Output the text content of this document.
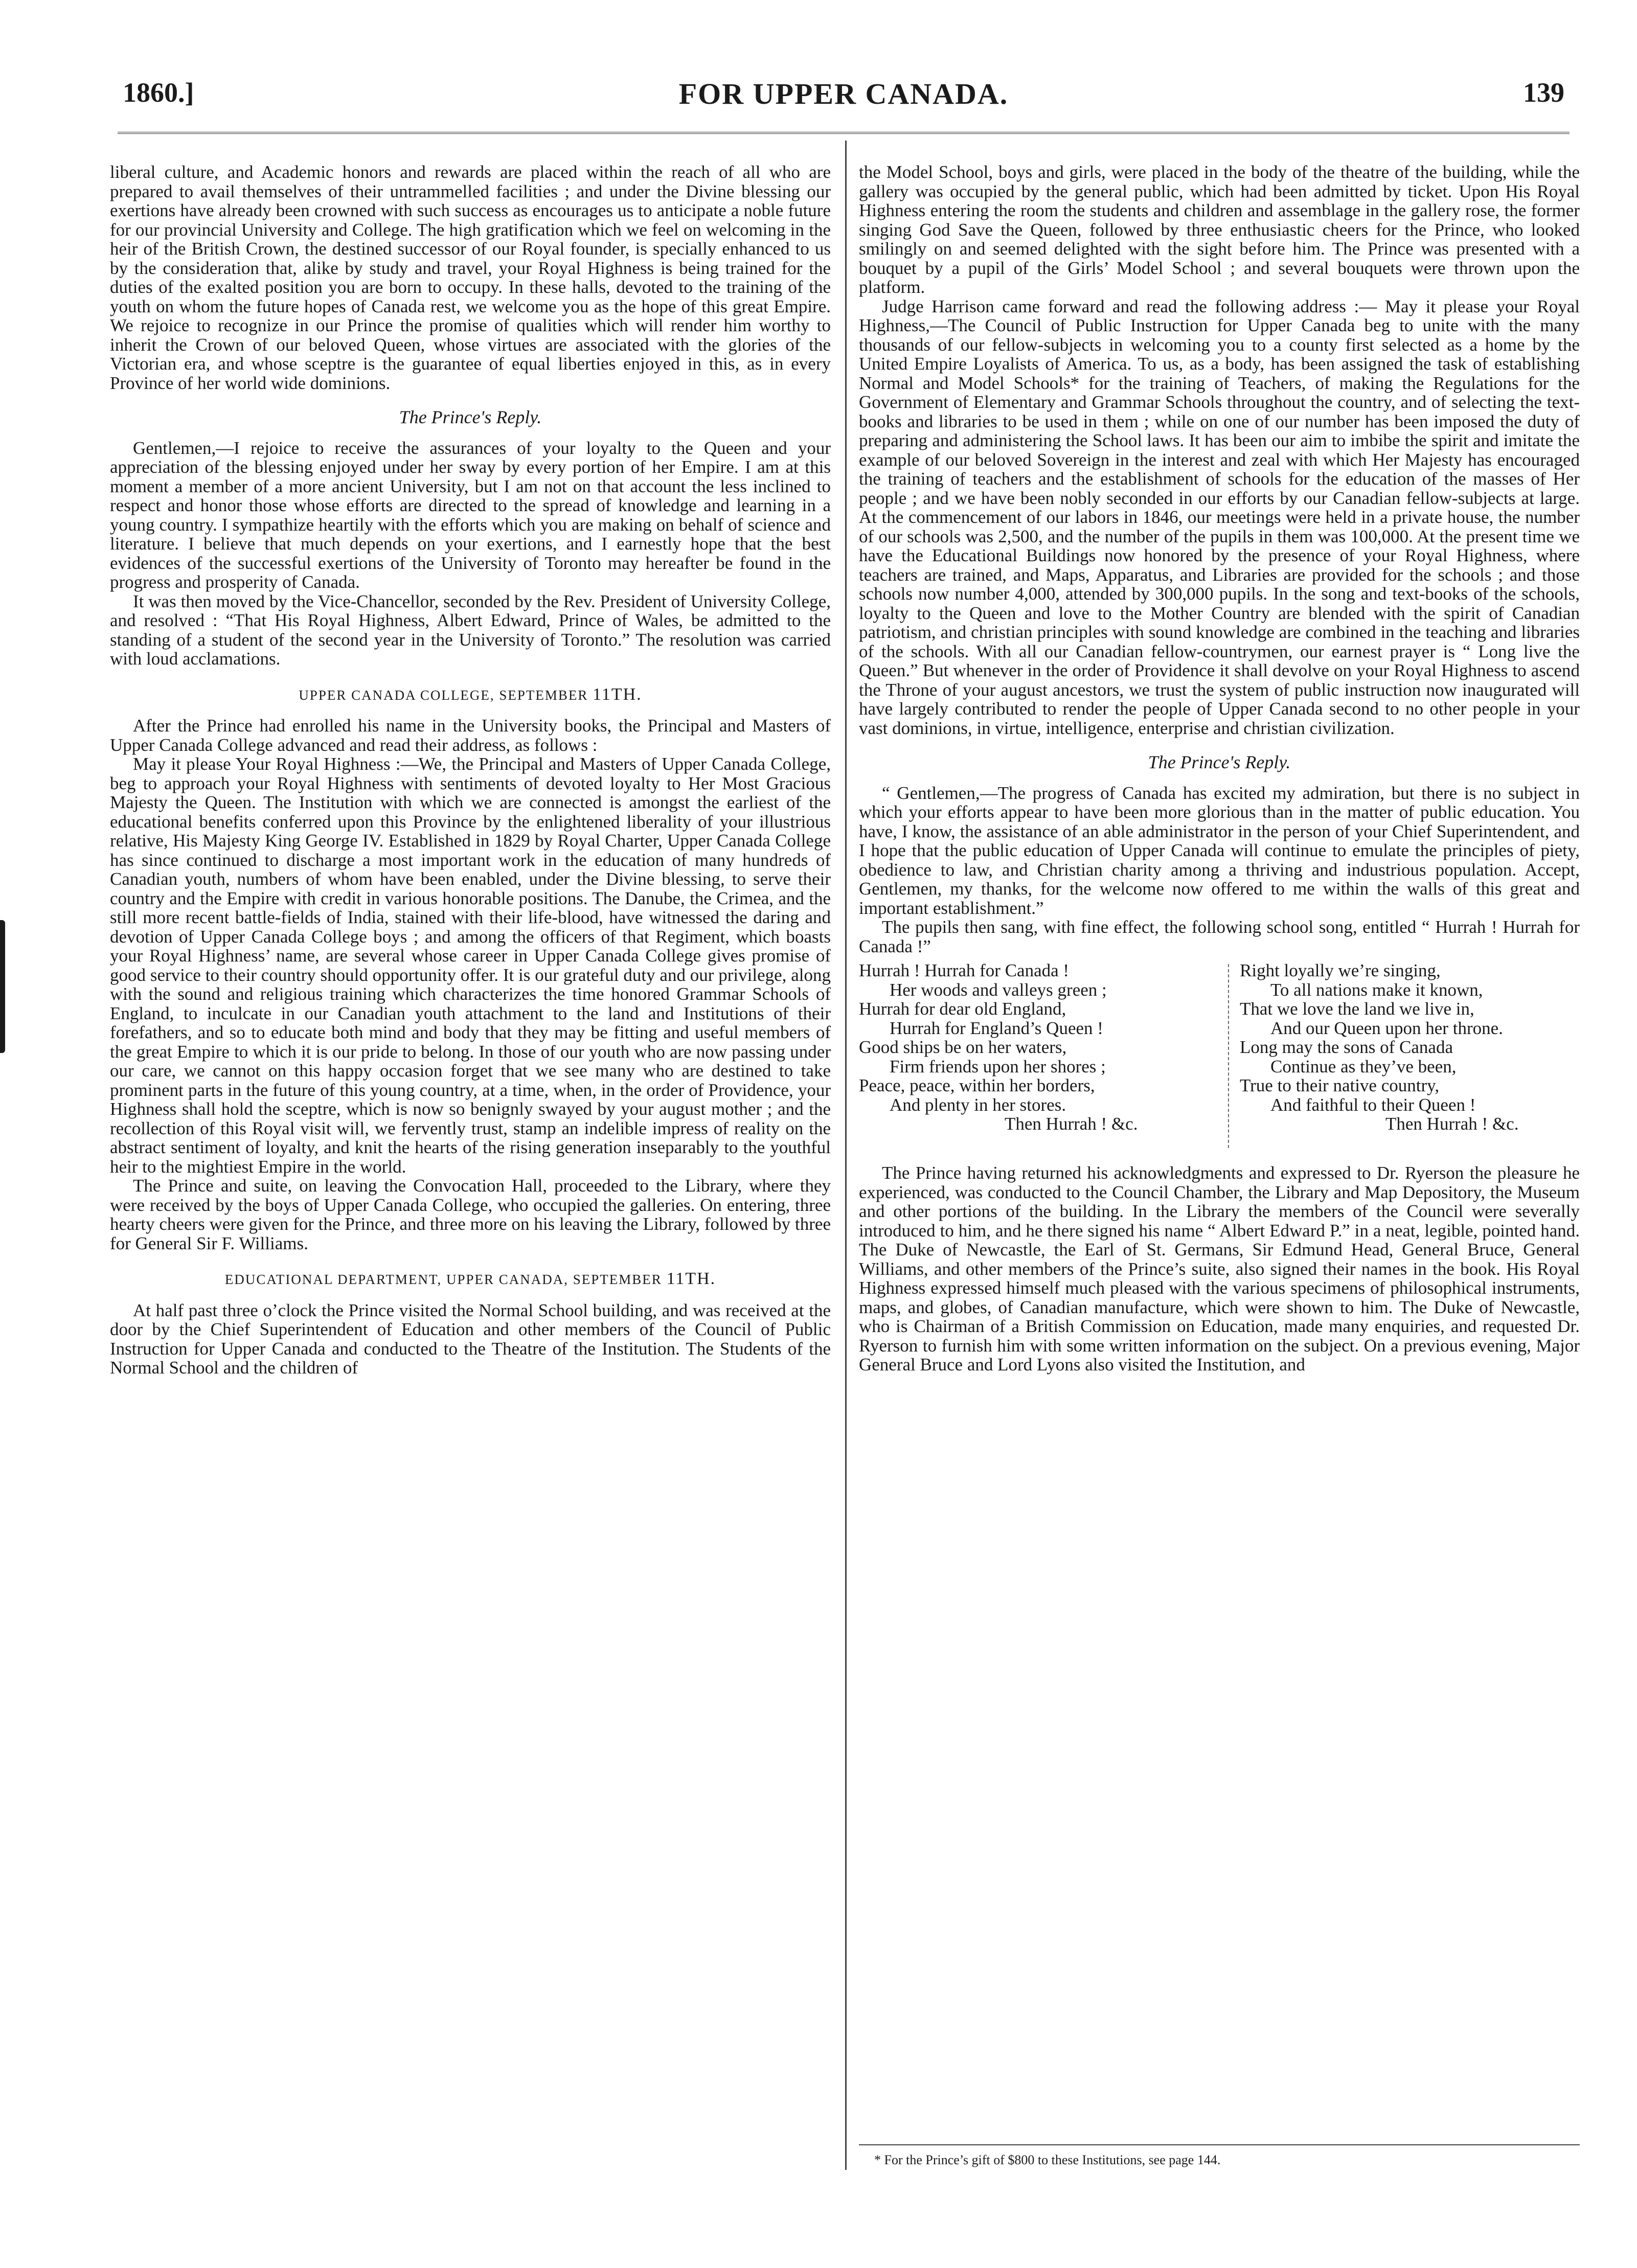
1860.]	FOR UPPER CANADA.	139

liberal culture, and Academic honors and rewards are placed within the reach of all who are prepared to avail themselves of their untrammelled facilities ; and under the Divine blessing our exertions have already been crowned with such success as encourages us to anticipate a noble future for our provincial University and College. The high gratification which we feel on welcoming in the heir of the British Crown, the destined successor of our Royal founder, is specially enhanced to us by the consideration that, alike by study and travel, your Royal Highness is being trained for the duties of the exalted position you are born to occupy. In these halls, devoted to the training of the youth on whom the future hopes of Canada rest, we welcome you as the hope of this great Empire. We rejoice to recognize in our Prince the promise of qualities which will render him worthy to inherit the Crown of our beloved Queen, whose virtues are associated with the glories of the Victorian era, and whose sceptre is the guarantee of equal liberties enjoyed in this, as in every Province of her world wide dominions.

The Prince's Reply.

Gentlemen,—I rejoice to receive the assurances of your loyalty to the Queen and your appreciation of the blessing enjoyed under her sway by every portion of her Empire. I am at this moment a member of a more ancient University, but I am not on that account the less inclined to respect and honor those whose efforts are directed to the spread of knowledge and learning in a young country. I sympathize heartily with the efforts which you are making on behalf of science and literature. I believe that much depends on your exertions, and I earnestly hope that the best evidences of the successful exertions of the University of Toronto may hereafter be found in the progress and prosperity of Canada.

It was then moved by the Vice-Chancellor, seconded by the Rev. President of University College, and resolved : “That His Royal Highness, Albert Edward, Prince of Wales, be admitted to the standing of a student of the second year in the University of Toronto.” The resolution was carried with loud acclamations.

UPPER CANADA COLLEGE, SEPTEMBER 11TH.

After the Prince had enrolled his name in the University books, the Principal and Masters of Upper Canada College advanced and read their address, as follows :

May it please Your Royal Highness :—We, the Principal and Masters of Upper Canada College, beg to approach your Royal Highness with sentiments of devoted loyalty to Her Most Gracious Majesty the Queen. The Institution with which we are connected is amongst the earliest of the educational benefits conferred upon this Province by the enlightened liberality of your illustrious relative, His Majesty King George IV. Established in 1829 by Royal Charter, Upper Canada College has since continued to discharge a most important work in the education of many hundreds of Canadian youth, numbers of whom have been enabled, under the Divine blessing, to serve their country and the Empire with credit in various honorable positions. The Danube, the Crimea, and the still more recent battle-fields of India, stained with their life-blood, have witnessed the daring and devotion of Upper Canada College boys ; and among the officers of that Regiment, which boasts your Royal Highness’ name, are several whose career in Upper Canada College gives promise of good service to their country should opportunity offer. It is our grateful duty and our privilege, along with the sound and religious training which characterizes the time honored Grammar Schools of England, to inculcate in our Canadian youth attachment to the land and Institutions of their forefathers, and so to educate both mind and body that they may be fitting and useful members of the great Empire to which it is our pride to belong. In those of our youth who are now passing under our care, we cannot on this happy occasion forget that we see many who are destined to take prominent parts in the future of this young country, at a time, when, in the order of Providence, your Highness shall hold the sceptre, which is now so benignly swayed by your august mother ; and the recollection of this Royal visit will, we fervently trust, stamp an indelible impress of reality on the abstract sentiment of loyalty, and knit the hearts of the rising generation inseparably to the youthful heir to the mightiest Empire in the world.

The Prince and suite, on leaving the Convocation Hall, proceeded to the Library, where they were received by the boys of Upper Canada College, who occupied the galleries. On entering, three hearty cheers were given for the Prince, and three more on his leaving the Library, followed by three for General Sir F. Williams.

EDUCATIONAL DEPARTMENT, UPPER CANADA, SEPTEMBER 11TH.

At half past three o’clock the Prince visited the Normal School building, and was received at the door by the Chief Superintendent of Education and other members of the Council of Public Instruction for Upper Canada and conducted to the Theatre of the Institution. The Students of the Normal School and the children of

the Model School, boys and girls, were placed in the body of the theatre of the building, while the gallery was occupied by the general public, which had been admitted by ticket. Upon His Royal Highness entering the room the students and children and assemblage in the gallery rose, the former singing God Save the Queen, followed by three enthusiastic cheers for the Prince, who looked smilingly on and seemed delighted with the sight before him. The Prince was presented with a bouquet by a pupil of the Girls’ Model School ; and several bouquets were thrown upon the platform.

Judge Harrison came forward and read the following address :— May it please your Royal Highness,—The Council of Public Instruction for Upper Canada beg to unite with the many thousands of our fellow-subjects in welcoming you to a county first selected as a home by the United Empire Loyalists of America. To us, as a body, has been assigned the task of establishing Normal and Model Schools* for the training of Teachers, of making the Regulations for the Government of Elementary and Grammar Schools throughout the country, and of selecting the text-books and libraries to be used in them ; while on one of our number has been imposed the duty of preparing and administering the School laws. It has been our aim to imbibe the spirit and imitate the example of our beloved Sovereign in the interest and zeal with which Her Majesty has encouraged the training of teachers and the establishment of schools for the education of the masses of Her people ; and we have been nobly seconded in our efforts by our Canadian fellow-subjects at large. At the commencement of our labors in 1846, our meetings were held in a private house, the number of our schools was 2,500, and the number of the pupils in them was 100,000. At the present time we have the Educational Buildings now honored by the presence of your Royal Highness, where teachers are trained, and Maps, Apparatus, and Libraries are provided for the schools ; and those schools now number 4,000, attended by 300,000 pupils. In the song and text-books of the schools, loyalty to the Queen and love to the Mother Country are blended with the spirit of Canadian patriotism, and christian principles with sound knowledge are combined in the teaching and libraries of the schools. With all our Canadian fellow-countrymen, our earnest prayer is “ Long live the Queen.” But whenever in the order of Providence it shall devolve on your Royal Highness to ascend the Throne of your august ancestors, we trust the system of public instruction now inaugurated will have largely contributed to render the people of Upper Canada second to no other people in your vast dominions, in virtue, intelligence, enterprise and christian civilization.

The Prince's Reply.

“ Gentlemen,—The progress of Canada has excited my admiration, but there is no subject in which your efforts appear to have been more glorious than in the matter of public education. You have, I know, the assistance of an able administrator in the person of your Chief Superintendent, and I hope that the public education of Upper Canada will continue to emulate the principles of piety, obedience to law, and Christian charity among a thriving and industrious population. Accept, Gentlemen, my thanks, for the welcome now offered to me within the walls of this great and important establishment.”

The pupils then sang, with fine effect, the following school song, entitled “ Hurrah ! Hurrah for Canada !”

Hurrah ! Hurrah for Canada !
Her woods and valleys green ;
Hurrah for dear old England,
Hurrah for England’s Queen !
Good ships be on her waters,
Firm friends upon her shores ;
Peace, peace, within her borders,
And plenty in her stores.
Then Hurrah ! &c.
Right loyally we’re singing,
To all nations make it known,
That we love the land we live in,
And our Queen upon her throne.
Long may the sons of Canada
Continue as they’ve been,
True to their native country,
And faithful to their Queen !
Then Hurrah ! &c.

The Prince having returned his acknowledgments and expressed to Dr. Ryerson the pleasure he experienced, was conducted to the Council Chamber, the Library and Map Depository, the Museum and other portions of the building. In the Library the members of the Council were severally introduced to him, and he there signed his name “ Albert Edward P.” in a neat, legible, pointed hand. The Duke of Newcastle, the Earl of St. Germans, Sir Edmund Head, General Bruce, General Williams, and other members of the Prince’s suite, also signed their names in the book. His Royal Highness expressed himself much pleased with the various specimens of philosophical instruments, maps, and globes, of Canadian manufacture, which were shown to him. The Duke of Newcastle, who is Chairman of a British Commission on Education, made many enquiries, and requested Dr. Ryerson to furnish him with some written information on the subject. On a previous evening, Major General Bruce and Lord Lyons also visited the Institution, and

* For the Prince’s gift of $800 to these Institutions, see page 144.
